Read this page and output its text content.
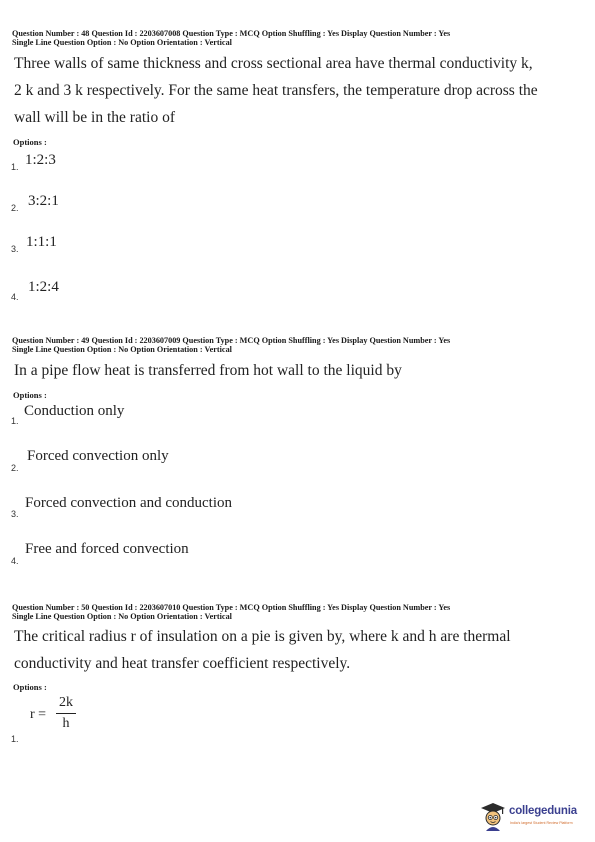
Question Number : 48 Question Id : 2203607008 Question Type : MCQ Option Shuffling : Yes Display Question Number : Yes
Single Line Question Option : No Option Orientation : Vertical
Three walls of same thickness and cross sectional area have thermal conductivity k,
2 k and 3 k respectively. For the same heat transfers, the temperature drop across the
wall will be in the ratio of
Options :
1. 1:2:3
2. 3:2:1
3. 1:1:1
4.
1:2:4
Question Number : 49 Question Id : 2203607009 Question Type : MCQ Option Shuffling : Yes Display Question Number : Yes
Single Line Question Option : No Option Orientation : Vertical
In a pipe flow heat is transferred from hot wall to the liquid by
Options :
1.
Conduction only
2.
Forced convection only
3.
Forced convection and conduction
4.
Free and forced convection
Question Number : 50 Question Id : 2203607010 Question Type : MCQ Option Shuffling : Yes Display Question Number : Yes
Single Line Question Option : No Option Orientation : Vertical
The critical radius r of insulation on a pie is given by, where k and h are thermal
conductivity and heat transfer coefficient respectively.
Options :
r =
2k
h
1.
collegedunia
India's largest Student Review Platform
